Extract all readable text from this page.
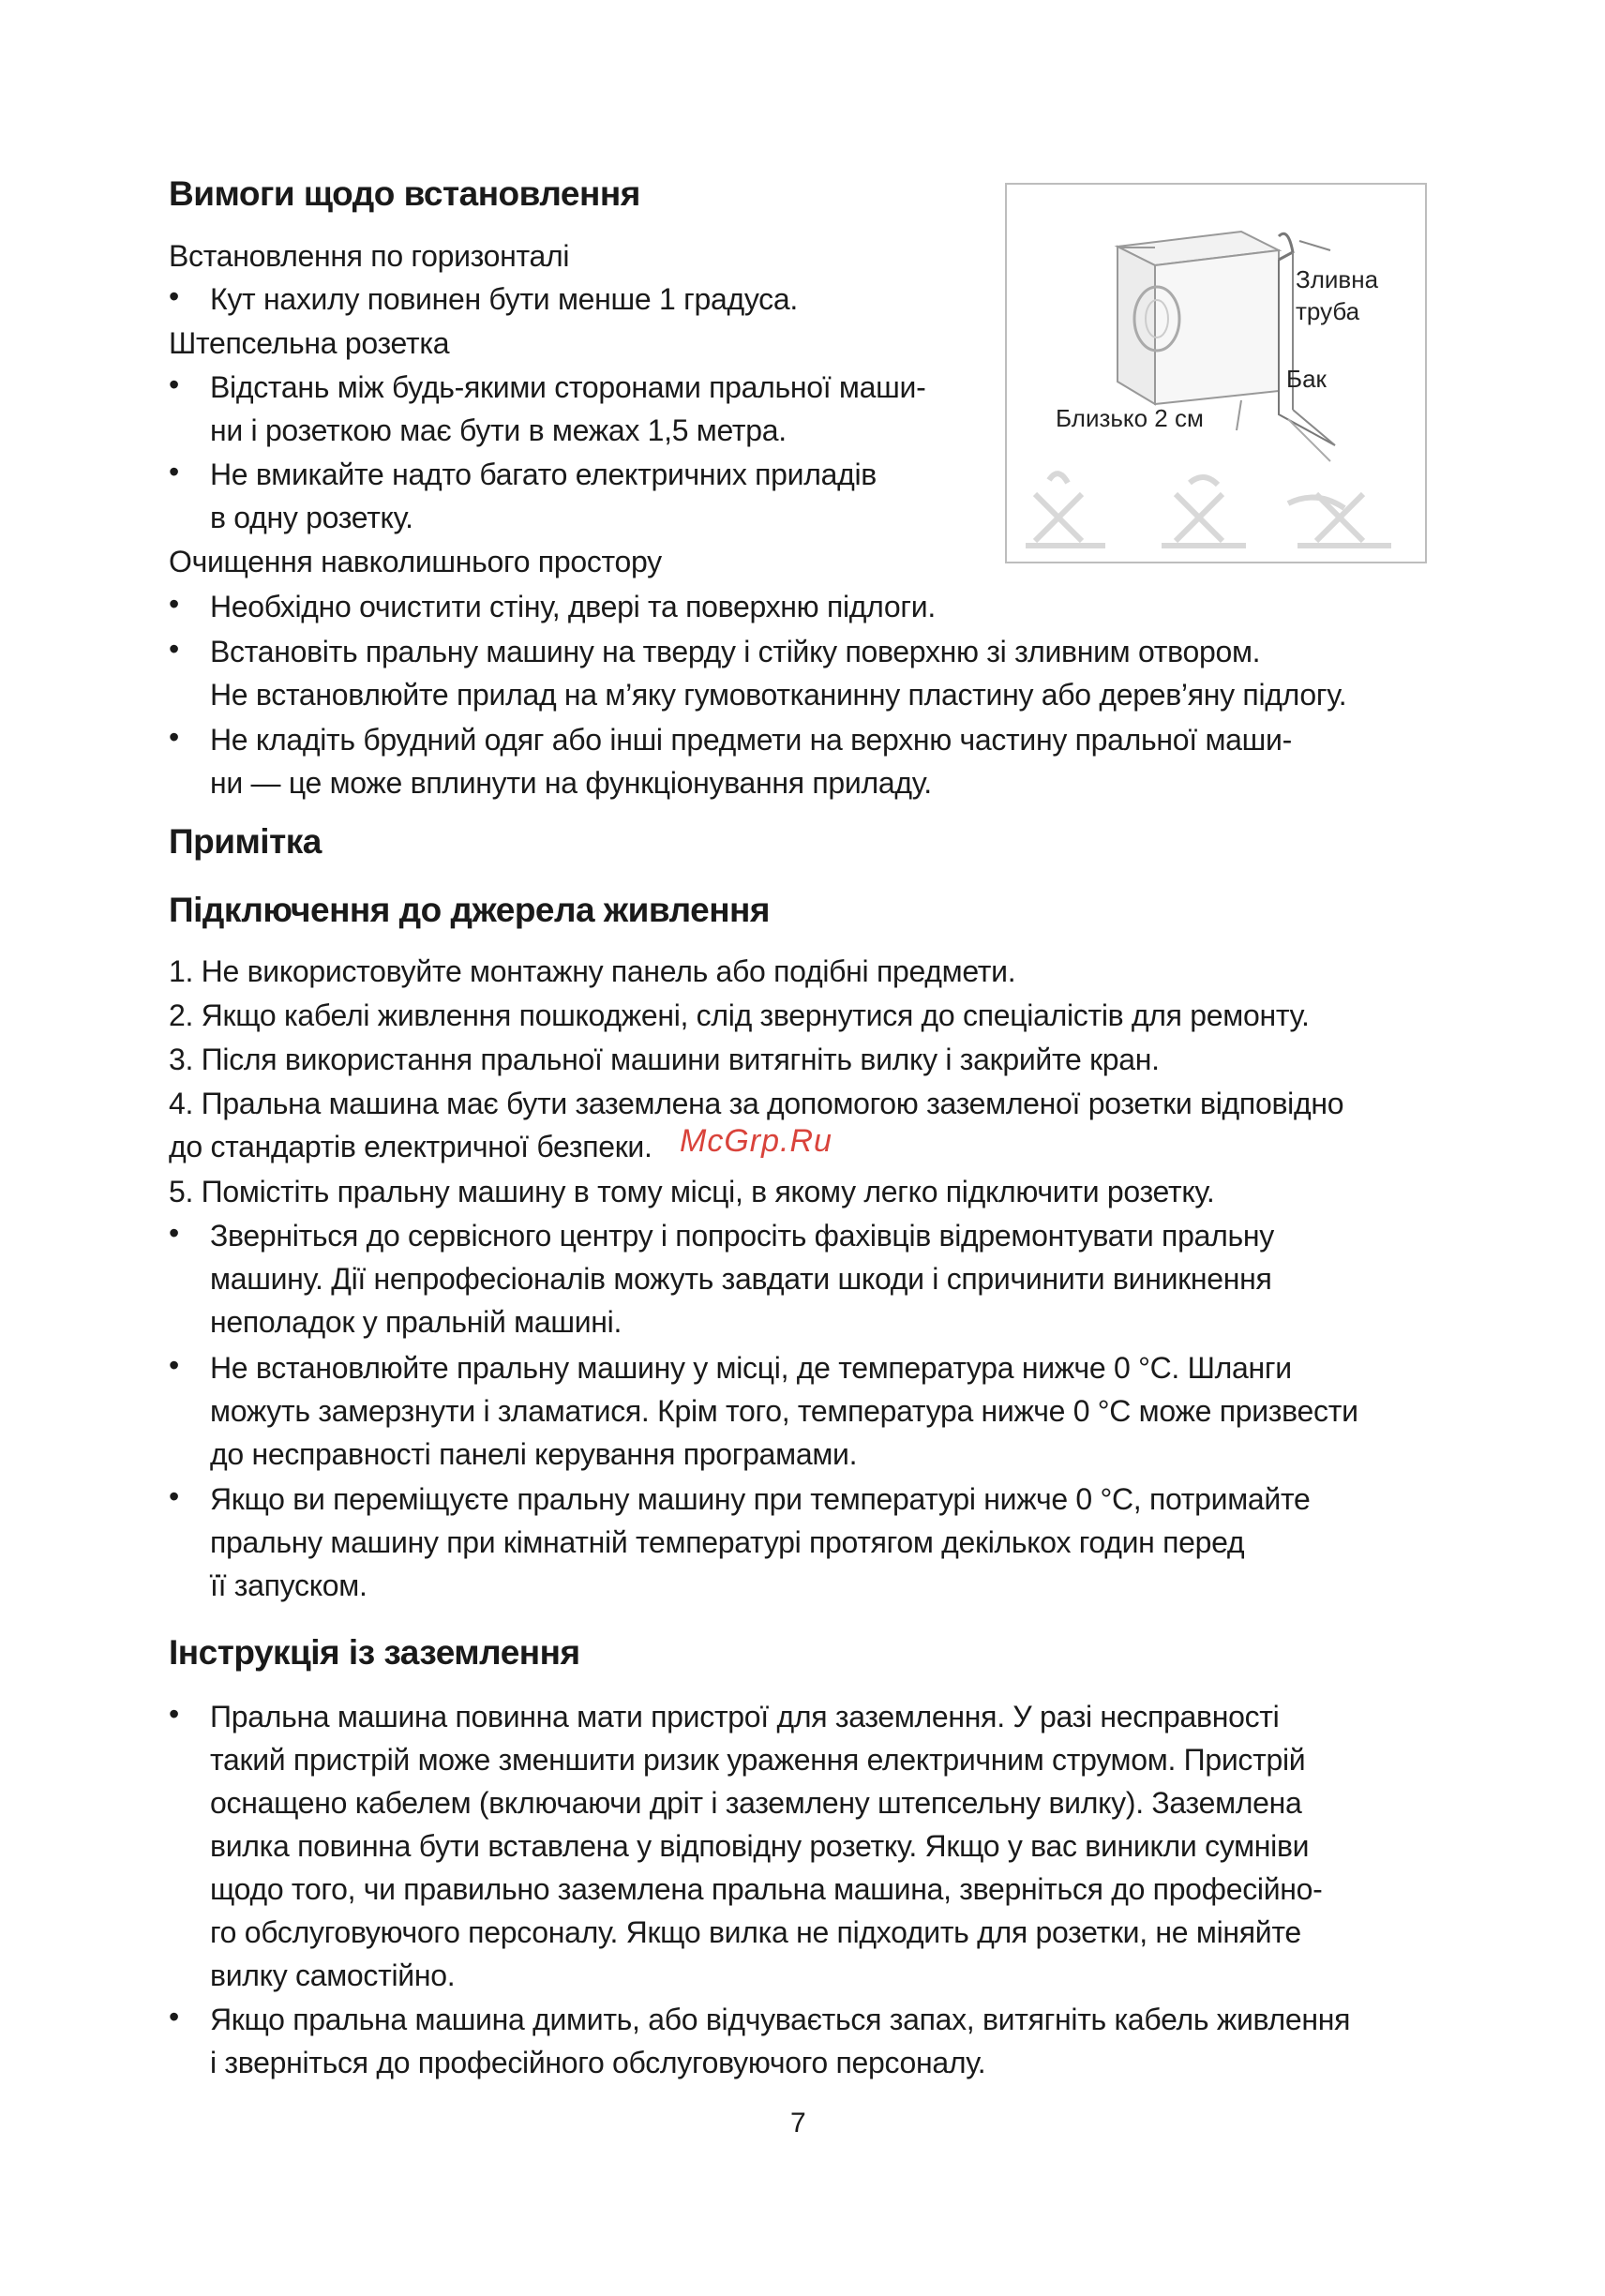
Вимоги щодо встановлення
Встановлення по горизонталі
• Кут нахилу повинен бути менше 1 градуса.
Штепсельна розетка
• Відстань між будь-якими сторонами пральної маши-
ни і розеткою має бути в межах 1,5 метра.
• Не вмикайте надто багато електричних приладів
в одну розетку.
Очищення навколишнього простору
• Необхідно очистити стіну, двері та поверхню підлоги.
• Встановіть пральну машину на тверду і стійку поверхню зі зливним отвором.
Не встановлюйте прилад на м’яку гумовотканинну пластину або дерев’яну підлогу.
• Не кладіть брудний одяг або інші предмети на верхню частину пральної маши-
ни — це може вплинути на функціонування приладу.
Зливна
труба
Бак
Близько 2 см
Примітка
Підключення до джерела живлення
1. Не використовуйте монтажну панель або подібні предмети.
2. Якщо кабелі живлення пошкоджені, слід звернутися до спеціалістів для ремонту.
3. Після використання пральної машини витягніть вилку і закрийте кран.
4. Пральна машина має бути заземлена за допомогою заземленої розетки відповідно
до стандартів електричної безпеки. McGrp.Ru
5. Помістіть пральну машину в тому місці, в якому легко підключити розетку.
• Зверніться до сервісного центру і попросіть фахівців відремонтувати пральну
машину. Дії непрофесіоналів можуть завдати шкоди і спричинити виникнення
неполадок у пральній машині.
• Не встановлюйте пральну машину у місці, де температура нижче 0 °C. Шланги
можуть замерзнути і зламатися. Крім того, температура нижче 0 °C може призвести
до несправності панелі керування програмами.
• Якщо ви переміщуєте пральну машину при температурі нижче 0 °C, потримайте
пральну машину при кімнатній температурі протягом декількох годин перед
її запуском.
Інструкція із заземлення
• Пральна машина повинна мати пристрої для заземлення. У разі несправності
такий пристрій може зменшити ризик ураження електричним струмом. Пристрій
оснащено кабелем (включаючи дріт і заземлену штепсельну вилку). Заземлена
вилка повинна бути вставлена у відповідну розетку. Якщо у вас виникли сумніви
щодо того, чи правильно заземлена пральна машина, зверніться до професійно-
го обслуговуючого персоналу. Якщо вилка не підходить для розетки, не міняйте
вилку самостійно.
• Якщо пральна машина димить, або відчувається запах, витягніть кабель живлення
і зверніться до професійного обслуговуючого персоналу.
7
